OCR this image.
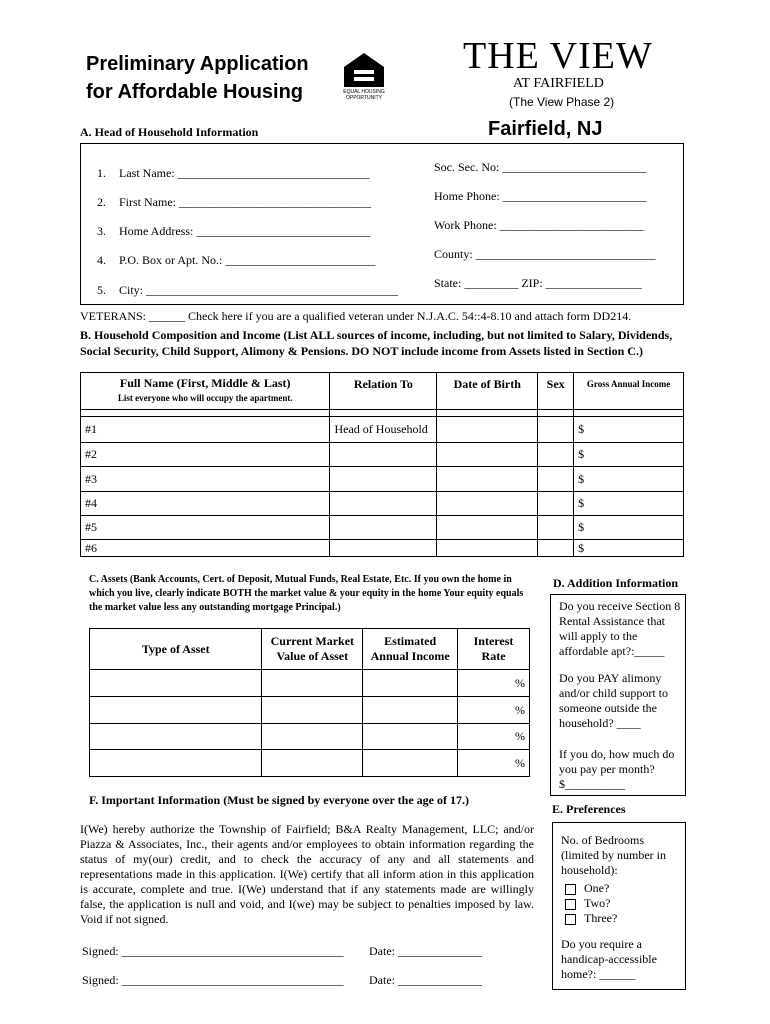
Preliminary Application
for Affordable Housing	EQUAL HOUSING OPPORTUNITY
THE VIEW
AT FAIRFIELD
(The View Phase 2)
Fairfield, NJ
A. Head of Household Information
1. Last Name: ________________________________
2. First Name: ________________________________
3. Home Address: _____________________________
4. P.O. Box or Apt. No.: _________________________
5. City: __________________________________________
Soc. Sec. No: ________________________
Home Phone: ________________________
Work Phone: ________________________
County: ______________________________
State: _________ ZIP: ________________
VETERANS: ______ Check here if you are a qualified veteran under N.J.A.C. 54::4-8.10 and attach form DD214.
B. Household Composition and Income (List ALL sources of income, including, but not limited to Salary, Dividends, Social Security, Child Support, Alimony & Pensions. DO NOT include income from Assets listed in Section C.)
Full Name (First, Middle & Last)
List everyone who will occupy the apartment.	Relation To	Date of Birth	Sex	Gross Annual Income

#1	Head of Household			$
#2				$
#3				$
#4				$
#5				$
#6				$
C. Assets (Bank Accounts, Cert. of Deposit, Mutual Funds, Real Estate, Etc. If you own the home in which you live, clearly indicate BOTH the market value & your equity in the home Your equity equals the market value less any outstanding mortgage Principal.)
Type of Asset	Current Market Value of Asset	Estimated Annual Income	Interest Rate
			%
			%
			%
			%
D. Addition Information
Do you receive Section 8 Rental Assistance that will apply to the affordable apt?:_____
Do you PAY alimony and/or child support to someone outside the household? ____
If you do, how much do you pay per month? $__________
E. Preferences
No. of Bedrooms (limited by number in household):
One?
Two?
Three?
Do you require a handicap-accessible home?: ______
F. Important Information (Must be signed by everyone over the age of 17.)
I(We) hereby authorize the Township of Fairfield; B&A Realty Management, LLC; and/or Piazza & Associates, Inc., their agents and/or employees to obtain information regarding the status of my(our) credit, and to check the accuracy of any and all statements and representations made in this application. I(We) certify that all inform ation in this application is accurate, complete and true. I(We) understand that if any statements made are willingly false, the application is null and void, and I(we) may be subject to penalties imposed by law. Void if not signed.
Signed: _____________________________________ Date: ______________
Signed: _____________________________________ Date: ______________
